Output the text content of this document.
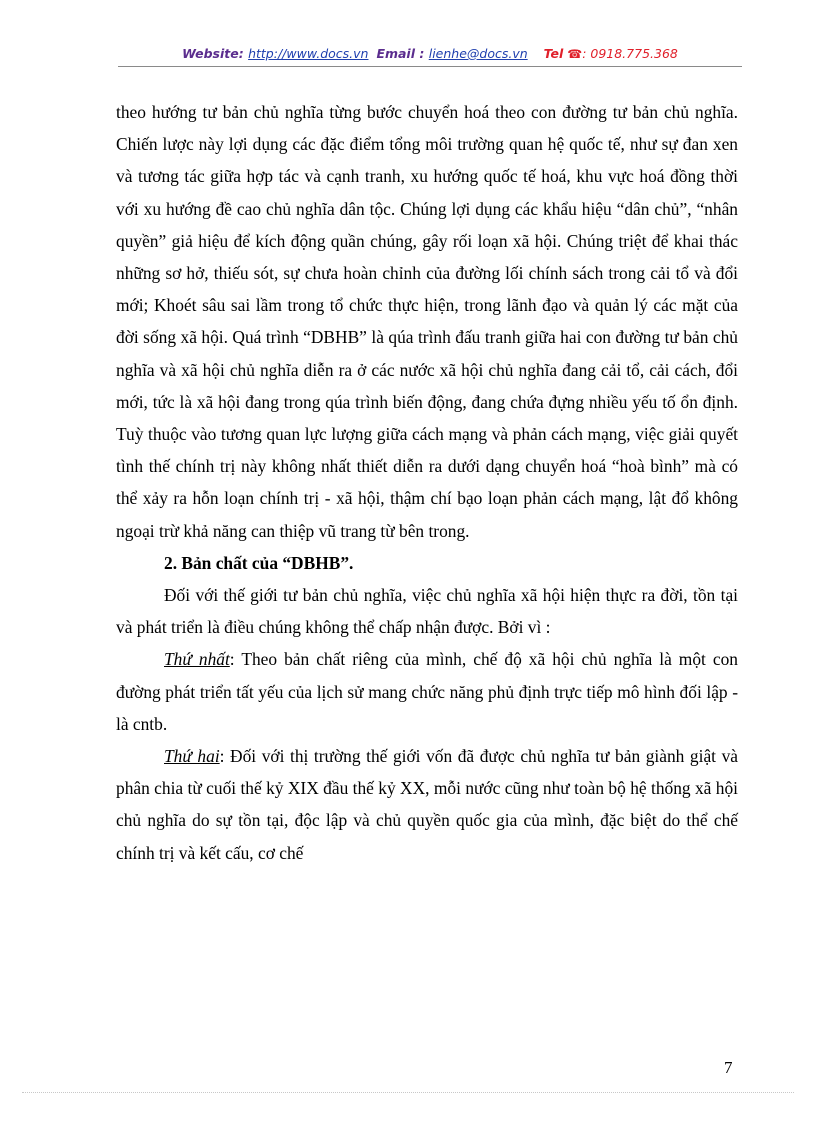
Website: http://www.docs.vn Email : lienhe@docs.vn Tel ☎: 0918.775.368

theo hướng tư bản chủ nghĩa từng bước chuyển hoá theo con đường tư bản chủ nghĩa. Chiến lược này lợi dụng các đặc điểm tổng môi trường quan hệ quốc tế, như sự đan xen và tương tác giữa hợp tác và cạnh tranh, xu hướng quốc tế hoá, khu vực hoá đồng thời với xu hướng đề cao chủ nghĩa dân tộc. Chúng lợi dụng các khẩu hiệu “dân chủ”, “nhân quyền” giả hiệu để kích động quần chúng, gây rối loạn xã hội. Chúng triệt để khai thác những sơ hở, thiếu sót, sự chưa hoàn chỉnh của đường lối chính sách trong cải tổ và đổi mới; Khoét sâu sai lầm trong tổ chức thực hiện, trong lãnh đạo và quản lý các mặt của đời sống xã hội. Quá trình “DBHB” là qúa trình đấu tranh giữa hai con đường tư bản chủ nghĩa và xã hội chủ nghĩa diễn ra ở các nước xã hội chủ nghĩa đang cải tổ, cải cách, đổi mới, tức là xã hội đang trong qúa trình biến động, đang chứa đựng nhiều yếu tố ổn định. Tuỳ thuộc vào tương quan lực lượng giữa cách mạng và phản cách mạng, việc giải quyết tình thế chính trị này không nhất thiết diễn ra dưới dạng chuyển hoá “hoà bình” mà có thể xảy ra hỗn loạn chính trị - xã hội, thậm chí bạo loạn phản cách mạng, lật đổ không ngoại trừ khả năng can thiệp vũ trang từ bên trong.

2. Bản chất của “DBHB”.

Đối với thế giới tư bản chủ nghĩa, việc chủ nghĩa xã hội hiện thực ra đời, tồn tại và phát triển là điều chúng không thể chấp nhận được. Bởi vì :

Thứ nhất: Theo bản chất riêng của mình, chế độ xã hội chủ nghĩa là một con đường phát triển tất yếu của lịch sử mang chức năng phủ định trực tiếp mô hình đối lập - là cntb.

Thứ hai: Đối với thị trường thế giới vốn đã được chủ nghĩa tư bản giành giật và phân chia từ cuối thế kỷ XIX đầu thế kỷ XX, mỗi nước cũng như toàn bộ hệ thống xã hội chủ nghĩa do sự tồn tại, độc lập và chủ quyền quốc gia của mình, đặc biệt do thể chế chính trị và kết cấu, cơ chế

7
